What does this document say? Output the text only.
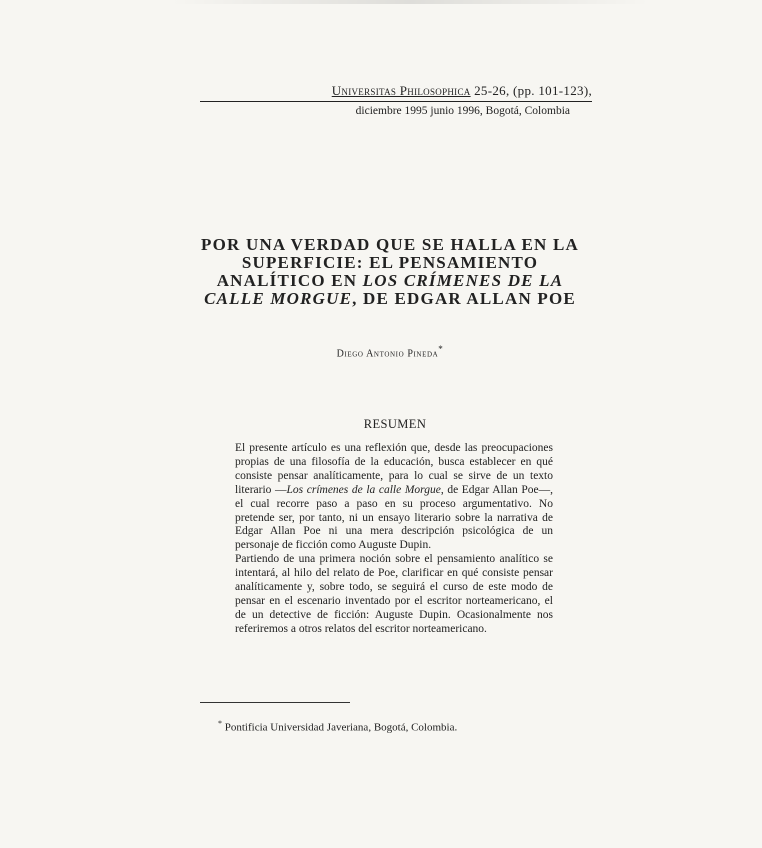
Universitas Philosophica 25-26, (pp. 101-123),
diciembre 1995 junio 1996, Bogotá, Colombia
POR UNA VERDAD QUE SE HALLA EN LA
SUPERFICIE: EL PENSAMIENTO
ANALÍTICO EN LOS CRÍMENES DE LA
CALLE MORGUE, DE EDGAR ALLAN POE
Diego Antonio Pineda*
RESUMEN

El presente artículo es una reflexión que, desde las preocupaciones propias de una filosofía de la educación, busca establecer en qué consiste pensar analíticamente, para lo cual se sirve de un texto literario —Los crímenes de la calle Morgue, de Edgar Allan Poe—, el cual recorre paso a paso en su proceso argumentativo. No pretende ser, por tanto, ni un ensayo literario sobre la narrativa de Edgar Allan Poe ni una mera descripción psicológica de un personaje de ficción como Auguste Dupin.

Partiendo de una primera noción sobre el pensamiento analítico se intentará, al hilo del relato de Poe, clarificar en qué consiste pensar analíticamente y, sobre todo, se seguirá el curso de este modo de pensar en el escenario inventado por el escritor norteamericano, el de un detective de ficción: Auguste Dupin. Ocasionalmente nos referiremos a otros relatos del escritor norteamericano.

* Pontificia Universidad Javeriana, Bogotá, Colombia.
